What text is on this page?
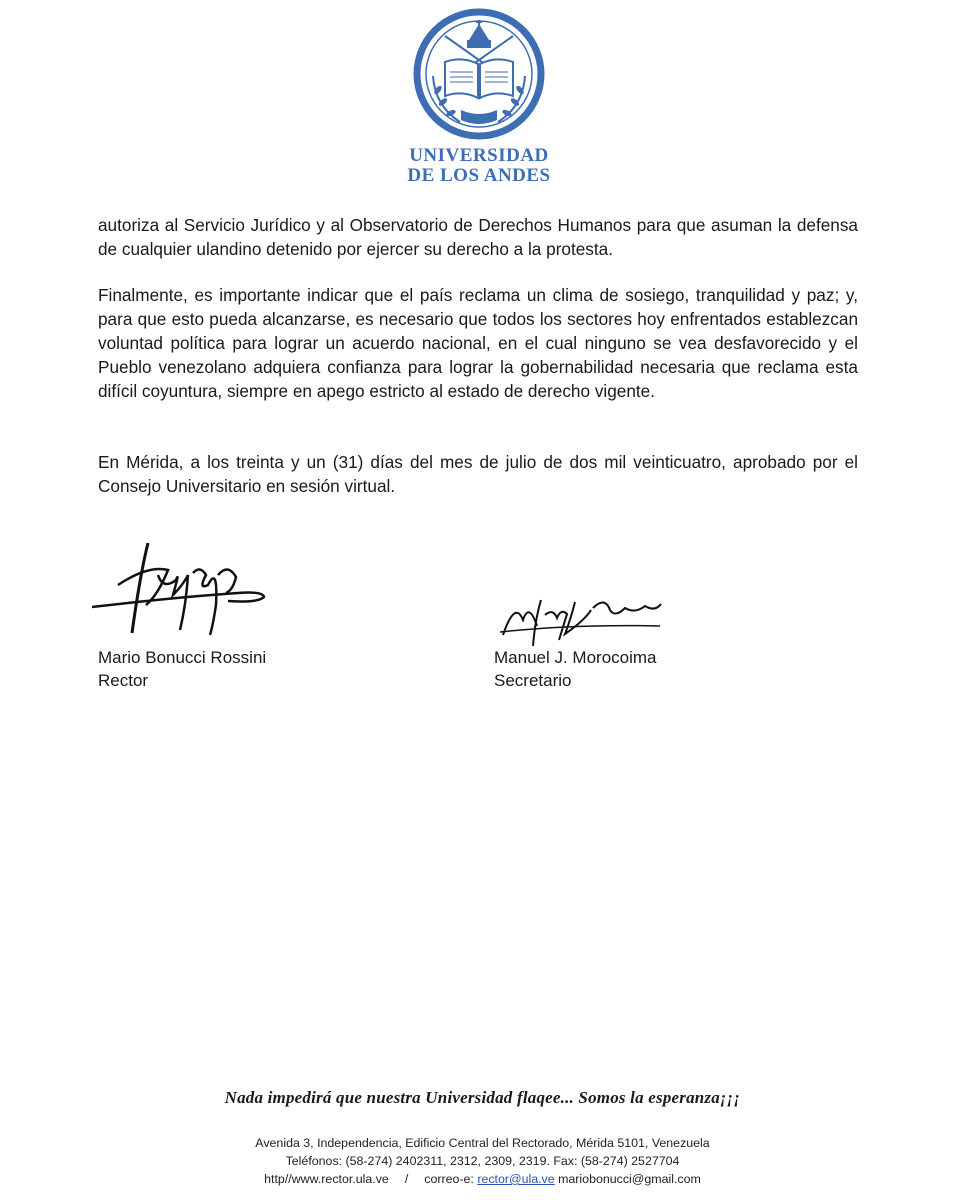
UNIVERSIDAD
DE LOS ANDES
autoriza al Servicio Jurídico y al Observatorio de Derechos Humanos para que asuman la defensa de cualquier ulandino detenido por ejercer su derecho a la protesta.
Finalmente, es importante indicar que el país reclama un clima de sosiego, tranquilidad y paz; y, para que esto pueda alcanzarse, es necesario que todos los sectores hoy enfrentados establezcan voluntad política para lograr un acuerdo nacional, en el cual ninguno se vea desfavorecido y el Pueblo venezolano adquiera confianza para lograr la gobernabilidad necesaria que reclama esta difícil coyuntura, siempre en apego estricto al estado de derecho vigente.
En Mérida, a los treinta y un (31) días del mes de julio de dos mil veinticuatro, aprobado por el Consejo Universitario en sesión virtual.
Mario Bonucci Rossini
Rector
Manuel J. Morocoima
Secretario
Nada impedirá que nuestra Universidad flaqee... Somos la esperanza¡¡¡
Avenida 3, Independencia, Edificio Central del Rectorado, Mérida 5101, Venezuela
Teléfonos: (58-274) 2402311, 2312, 2309, 2319. Fax: (58-274) 2527704
http//www.rector.ula.ve / correo-e: rector@ula.ve mariobonucci@gmail.com
